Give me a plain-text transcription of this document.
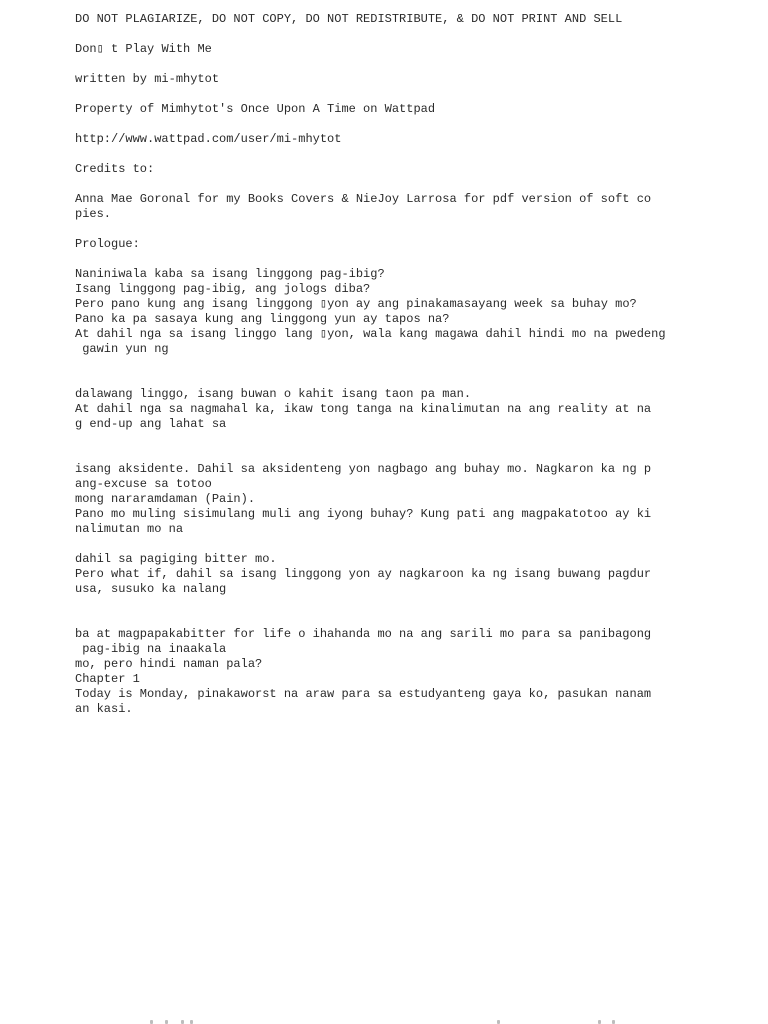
DO NOT PLAGIARIZE, DO NOT COPY, DO NOT REDISTRIBUTE, & DO NOT PRINT AND SELL
Don▯ t Play With Me
written by mi-mhytot
Property of Mimhytot's Once Upon A Time on Wattpad
http://www.wattpad.com/user/mi-mhytot
Credits to:
Anna Mae Goronal for my Books Covers & NieJoy Larrosa for pdf version of soft co
pies.
Prologue:
Naniniwala kaba sa isang linggong pag-ibig?
Isang linggong pag-ibig, ang jologs diba?
Pero pano kung ang isang linggong ▯yon ay ang pinakamasayang week sa buhay mo?
Pano ka pa sasaya kung ang linggong yun ay tapos na?
At dahil nga sa isang linggo lang ▯yon, wala kang magawa dahil hindi mo na pwedeng
gawin yun ng
dalawang linggo, isang buwan o kahit isang taon pa man.
At dahil nga sa nagmahal ka, ikaw tong tanga na kinalimutan na ang reality at na
g end-up ang lahat sa
isang aksidente. Dahil sa aksidenteng yon nagbago ang buhay mo. Nagkaron ka ng p
ang-excuse sa totoo
mong nararamdaman (Pain).
Pano mo muling sisimulang muli ang iyong buhay? Kung pati ang magpakatotoo ay ki
nalimutan mo na
dahil sa pagiging bitter mo.
Pero what if, dahil sa isang linggong yon ay nagkaroon ka ng isang buwang pagdur
usa, susuko ka nalang
ba at magpapakabitter for life o ihahanda mo na ang sarili mo para sa panibagong
pag-ibig na inaakala
mo, pero hindi naman pala?
Chapter 1
Today is Monday, pinakaworst na araw para sa estudyanteng gaya ko, pasukan nanam
an kasi.
